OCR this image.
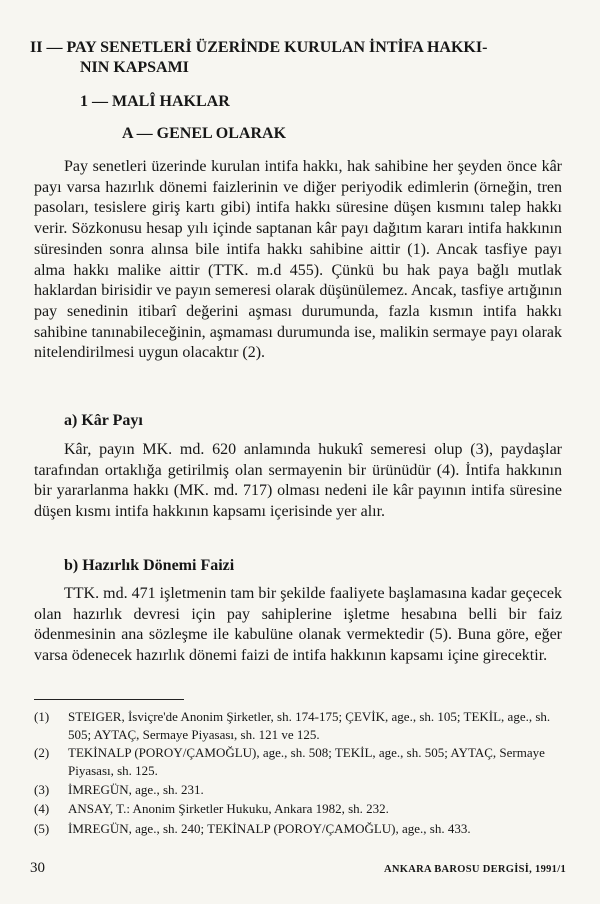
II — PAY SENETLERİ ÜZERİNDE KURULAN İNTİFA HAKKI-
NIN KAPSAMI
1 — MALÎ HAKLAR
A — GENEL OLARAK

Pay senetleri üzerinde kurulan intifa hakkı, hak sahibine her şeyden önce kâr payı varsa hazırlık dönemi faizlerinin ve diğer periyodik edimlerin (örneğin, tren pasoları, tesislere giriş kartı gibi) intifa hakkı süresine düşen kısmını talep hakkı verir. Sözkonusu hesap yılı içinde saptanan kâr payı dağıtım kararı intifa hakkının süresinden sonra alınsa bile intifa hakkı sahibine aittir (1). Ancak tasfiye payı alma hakkı malike aittir (TTK. m.d 455). Çünkü bu hak paya bağlı mutlak haklardan birisidir ve payın semeresi olarak düşünülemez. Ancak, tasfiye artığının pay senedinin itibarî değerini aşması durumunda, fazla kısmın intifa hakkı sahibine tanınabileceğinin, aşmaması durumunda ise, malikin sermaye payı olarak nitelendirilmesi uygun olacaktır (2).

a) Kâr Payı

Kâr, payın MK. md. 620 anlamında hukukî semeresi olup (3), paydaşlar tarafından ortaklığa getirilmiş olan sermayenin bir ürünüdür (4). İntifa hakkının bir yararlanma hakkı (MK. md. 717) olması nedeni ile kâr payının intifa süresine düşen kısmı intifa hakkının kapsamı içerisinde yer alır.

b) Hazırlık Dönemi Faizi

TTK. md. 471 işletmenin tam bir şekilde faaliyete başlamasına kadar geçecek olan hazırlık devresi için pay sahiplerine işletme hesabına belli bir faiz ödenmesinin ana sözleşme ile kabulüne olanak vermektedir (5). Buna göre, eğer varsa ödenecek hazırlık dönemi faizi de intifa hakkının kapsamı içine girecektir.

(1) STEIGER, İsviçre'de Anonim Şirketler, sh. 174-175; ÇEVİK, age., sh. 105; TEKİL, age., sh. 505; AYTAÇ, Sermaye Piyasası, sh. 121 ve 125.
(2) TEKİNALP (POROY/ÇAMOĞLU), age., sh. 508; TEKİL, age., sh. 505; AYTAÇ, Sermaye Piyasası, sh. 125.
(3) İMREGÜN, age., sh. 231.
(4) ANSAY, T.: Anonim Şirketler Hukuku, Ankara 1982, sh. 232.
(5) İMREGÜN, age., sh. 240; TEKİNALP (POROY/ÇAMOĞLU), age., sh. 433.
30	ANKARA BAROSU DERGİSİ, 1991/1
